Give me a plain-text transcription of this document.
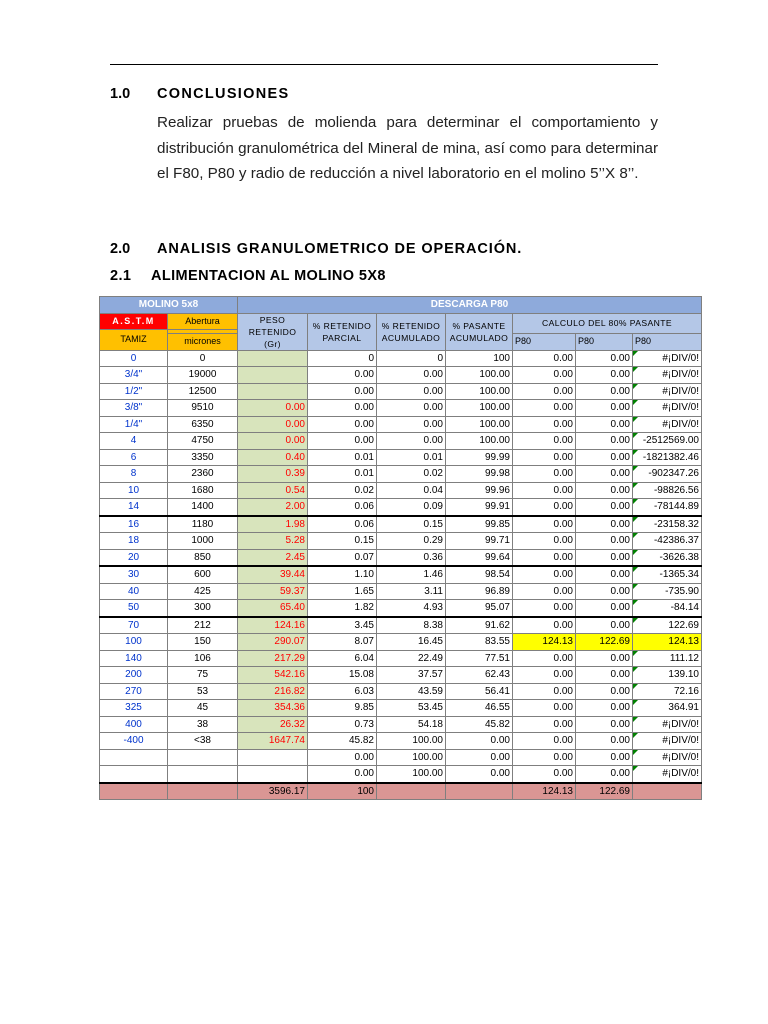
1.0 CONCLUSIONES
Realizar pruebas de molienda para determinar el comportamiento y distribución granulométrica del Mineral de mina, así como para determinar el F80, P80 y radio de reducción a nivel laboratorio en el molino 5’’X 8’’.
2.0 ANALISIS GRANULOMETRICO DE OPERACIÓN.
2.1 ALIMENTACION AL MOLINO 5X8
MOLINO 5x8		DESCARGA P80						
A.S.T.M	Abertura	PESO RETENIDO (Gr)	% RETENIDO PARCIAL	% RETENIDO ACUMULADO	% PASANTE ACUMULADO	CALCULO DEL 80% PASANTE		
TAMIZ								
	micrones					P80	P80	P80
0	0		0	0	100	0.00	0.00	#¡DIV/0!
3/4"	19000		0.00	0.00	100.00	0.00	0.00	#¡DIV/0!
1/2"	12500		0.00	0.00	100.00	0.00	0.00	#¡DIV/0!
3/8"	9510	0.00	0.00	0.00	100.00	0.00	0.00	#¡DIV/0!
1/4"	6350	0.00	0.00	0.00	100.00	0.00	0.00	#¡DIV/0!
4	4750	0.00	0.00	0.00	100.00	0.00	0.00	-2512569.00
6	3350	0.40	0.01	0.01	99.99	0.00	0.00	-1821382.46
8	2360	0.39	0.01	0.02	99.98	0.00	0.00	-902347.26
10	1680	0.54	0.02	0.04	99.96	0.00	0.00	-98826.56
14	1400	2.00	0.06	0.09	99.91	0.00	0.00	-78144.89
16	1180	1.98	0.06	0.15	99.85	0.00	0.00	-23158.32
18	1000	5.28	0.15	0.29	99.71	0.00	0.00	-42386.37
20	850	2.45	0.07	0.36	99.64	0.00	0.00	-3626.38
30	600	39.44	1.10	1.46	98.54	0.00	0.00	-1365.34
40	425	59.37	1.65	3.11	96.89	0.00	0.00	-735.90
50	300	65.40	1.82	4.93	95.07	0.00	0.00	-84.14
70	212	124.16	3.45	8.38	91.62	0.00	0.00	122.69
100	150	290.07	8.07	16.45	83.55	124.13	122.69	124.13
140	106	217.29	6.04	22.49	77.51	0.00	0.00	111.12
200	75	542.16	15.08	37.57	62.43	0.00	0.00	139.10
270	53	216.82	6.03	43.59	56.41	0.00	0.00	72.16
325	45	354.36	9.85	53.45	46.55	0.00	0.00	364.91
400	38	26.32	0.73	54.18	45.82	0.00	0.00	#¡DIV/0!
-400	<38	1647.74	45.82	100.00	0.00	0.00	0.00	#¡DIV/0!
			0.00	100.00	0.00	0.00	0.00	#¡DIV/0!
			0.00	100.00	0.00	0.00	0.00	#¡DIV/0!
		3596.17	100			124.13	122.69	
